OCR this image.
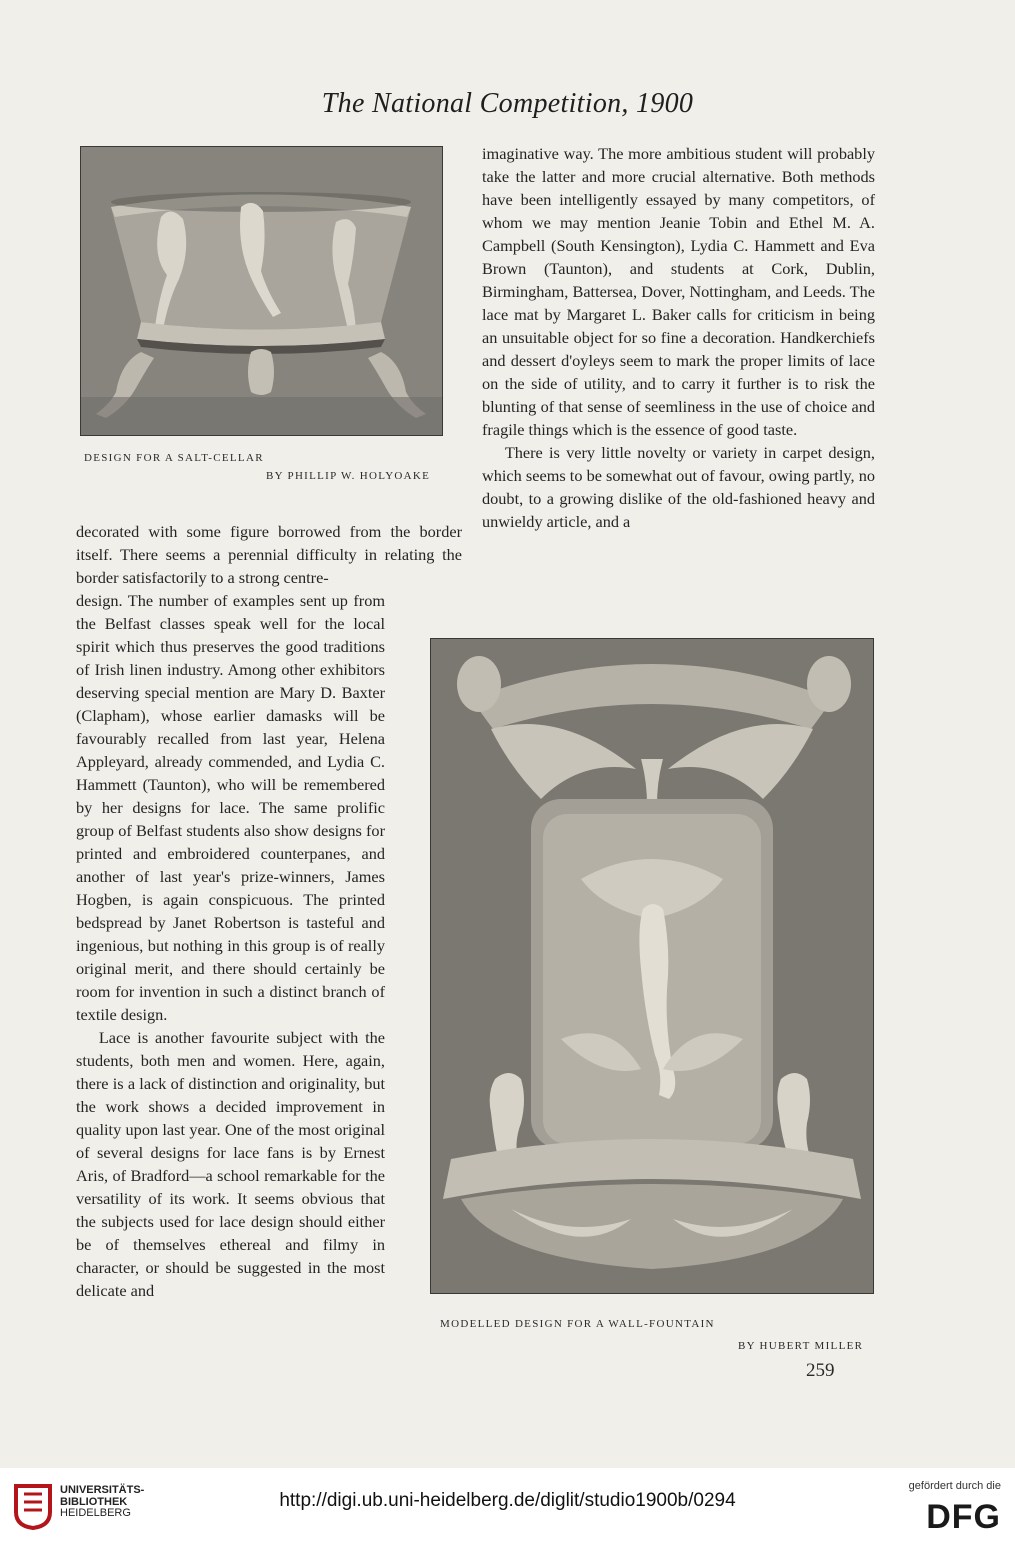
The National Competition, 1900
DESIGN FOR A SALT-CELLAR
BY PHILLIP W. HOLYOAKE

imaginative way. The more ambitious student will probably take the latter and more crucial alternative. Both methods have been intelligently essayed by many competitors, of whom we may mention Jeanie Tobin and Ethel M. A. Campbell (South Kensington), Lydia C. Hammett and Eva Brown (Taunton), and students at Cork, Dublin, Birmingham, Battersea, Dover, Nottingham, and Leeds. The lace mat by Margaret L. Baker calls for criticism in being an unsuitable object for so fine a decoration. Handkerchiefs and dessert d'oyleys seem to mark the proper limits of lace on the side of utility, and to carry it further is to risk the blunting of that sense of seemliness in the use of choice and fragile things which is the essence of good taste.

There is very little novelty or variety in carpet design, which seems to be somewhat out of favour, owing partly, no doubt, to a growing dislike of the old-fashioned heavy and unwieldy article, and a

decorated with some figure borrowed from the border itself. There seems a perennial difficulty in relating the border satisfactorily to a strong centre-

design. The number of examples sent up from the Belfast classes speak well for the local spirit which thus preserves the good traditions of Irish linen industry. Among other exhibitors deserving special mention are Mary D. Baxter (Clapham), whose earlier damasks will be favourably recalled from last year, Helena Appleyard, already commended, and Lydia C. Hammett (Taunton), who will be remembered by her designs for lace. The same prolific group of Belfast students also show designs for printed and embroidered counterpanes, and another of last year's prize-winners, James Hogben, is again conspicuous. The printed bedspread by Janet Robertson is tasteful and ingenious, but nothing in this group is of really original merit, and there should certainly be room for invention in such a distinct branch of textile design.

Lace is another favourite subject with the students, both men and women. Here, again, there is a lack of distinction and originality, but the work shows a decided improvement in quality upon last year. One of the most original of several designs for lace fans is by Ernest Aris, of Bradford—a school remarkable for the versatility of its work. It seems obvious that the subjects used for lace design should either be of themselves ethereal and filmy in character, or should be suggested in the most delicate and

MODELLED DESIGN FOR A WALL-FOUNTAIN
BY HUBERT MILLER
259
UNIVERSITÄTS-
BIBLIOTHEK
HEIDELBERG
http://digi.ub.uni-heidelberg.de/diglit/studio1900b/0294
gefördert durch die
DFG
